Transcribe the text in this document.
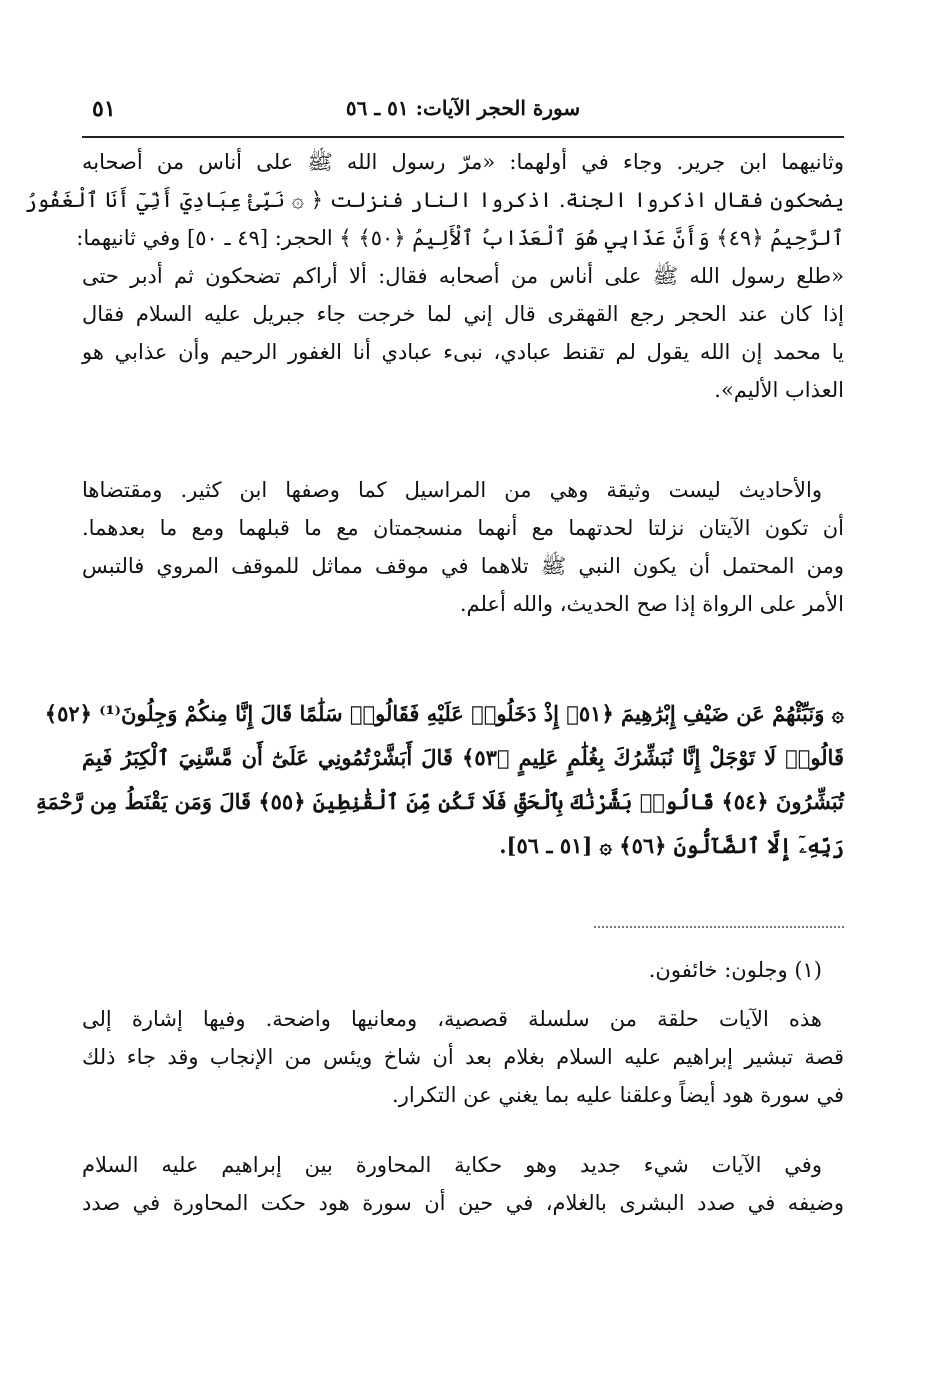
٥١	سورة الحجر الآيات: ٥١ ـ ٥٦
وثانيهما ابن جرير. وجاء في أولهما: «مرّ رسول الله ﷺ على أناس من أصحابه
يضحكون فقال اذكروا الجنة. اذكروا النار فنزلت ﴿ ۞ نَبِّئْ عِبَادِيٓ أَنِّيٓ أَنَا ٱلْغَفُورُ
ٱلرَّحِيمُ ﴿٤٩﴾ وَأَنَّ عَذَابِي هُوَ ٱلْعَذَابُ ٱلْأَلِيمُ ﴿٥٠﴾ ﴾ الحجر: [٤٩ ـ ٥٠] وفي ثانيهما:
«طلع رسول الله ﷺ على أناس من أصحابه فقال: ألا أراكم تضحكون ثم أدبر حتى
إذا كان عند الحجر رجع القهقرى قال إني لما خرجت جاء جبريل عليه السلام فقال
يا محمد إن الله يقول لم تقنط عبادي، نبىء عبادي أنا الغفور الرحيم وأن عذابي هو
العذاب الأليم».
والأحاديث ليست وثيقة وهي من المراسيل كما وصفها ابن كثير. ومقتضاها
أن تكون الآيتان نزلتا لحدتهما مع أنهما منسجمتان مع ما قبلهما ومع ما بعدهما.
ومن المحتمل أن يكون النبي ﷺ تلاهما في موقف مماثل للموقف المروي فالتبس
الأمر على الرواة إذا صح الحديث، والله أعلم.
۞ وَنَبِّئْهُمْ عَن ضَيْفِ إِبْرَٰهِيمَ ﴿٥١﴾ إِذْ دَخَلُوا۟ عَلَيْهِ فَقَالُوا۟ سَلَٰمًا قَالَ إِنَّا مِنكُمْ وَجِلُونَ⁽¹⁾ ﴿٥٢﴾
قَالُوا۟ لَا تَوْجَلْ إِنَّا نُبَشِّرُكَ بِغُلَٰمٍ عَلِيمٍ ﴿٥٣﴾ قَالَ أَبَشَّرْتُمُونِي عَلَىٰٓ أَن مَّسَّنِيَ ٱلْكِبَرُ فَبِمَ
تُبَشِّرُونَ ﴿٥٤﴾ قَالُوا۟ بَشَّرْنَٰكَ بِٱلْحَقِّ فَلَا تَكُن مِّنَ ٱلْقَٰنِطِينَ ﴿٥٥﴾ قَالَ وَمَن يَقْنَطُ مِن رَّحْمَةِ
رَبِّهِۦٓ إِلَّا ٱلضَّآلُّونَ ﴿٥٦﴾ ۞ [٥١ ـ ٥٦].
(١) وجلون: خائفون.
هذه الآيات حلقة من سلسلة قصصية، ومعانيها واضحة. وفيها إشارة إلى
قصة تبشير إبراهيم عليه السلام بغلام بعد أن شاخ ويئس من الإنجاب وقد جاء ذلك
في سورة هود أيضاً وعلقنا عليه بما يغني عن التكرار.
وفي الآيات شيء جديد وهو حكاية المحاورة بين إبراهيم عليه السلام
وضيفه في صدد البشرى بالغلام، في حين أن سورة هود حكت المحاورة في صدد
